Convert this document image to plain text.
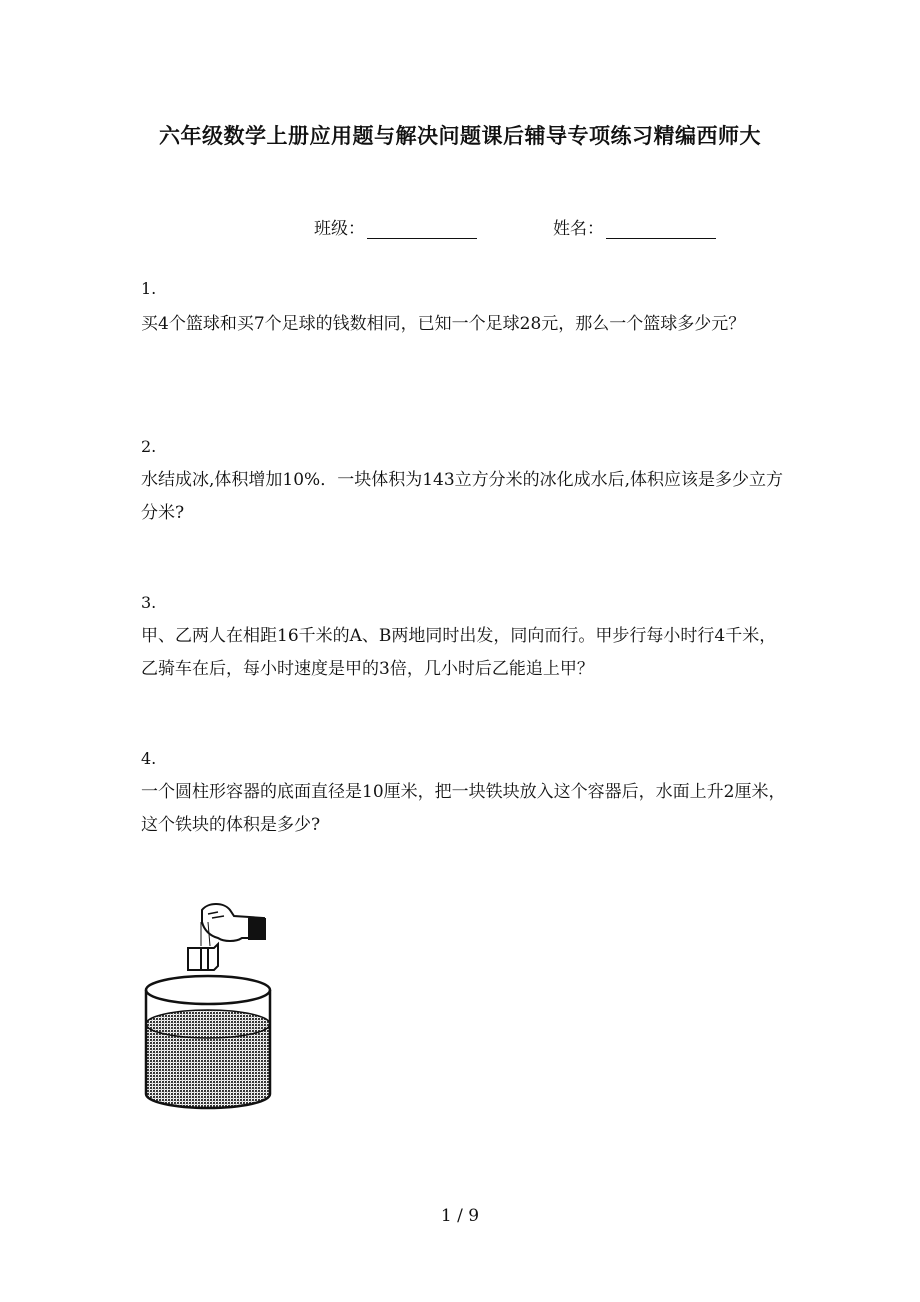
六年级数学上册应用题与解决问题课后辅导专项练习精编西师大
班级：	姓名：
1.
买4个篮球和买7个足球的钱数相同，已知一个足球28元，那么一个篮球多少元？
2.
水结成冰,体积增加10%．一块体积为143立方分米的冰化成水后,体积应该是多少立方分米?
3.
甲、乙两人在相距16千米的A、B两地同时出发，同向而行。甲步行每小时行4千米，乙骑车在后，每小时速度是甲的3倍，几小时后乙能追上甲？
4.
一个圆柱形容器的底面直径是10厘米，把一块铁块放入这个容器后，水面上升2厘米，这个铁块的体积是多少?
1 / 9
